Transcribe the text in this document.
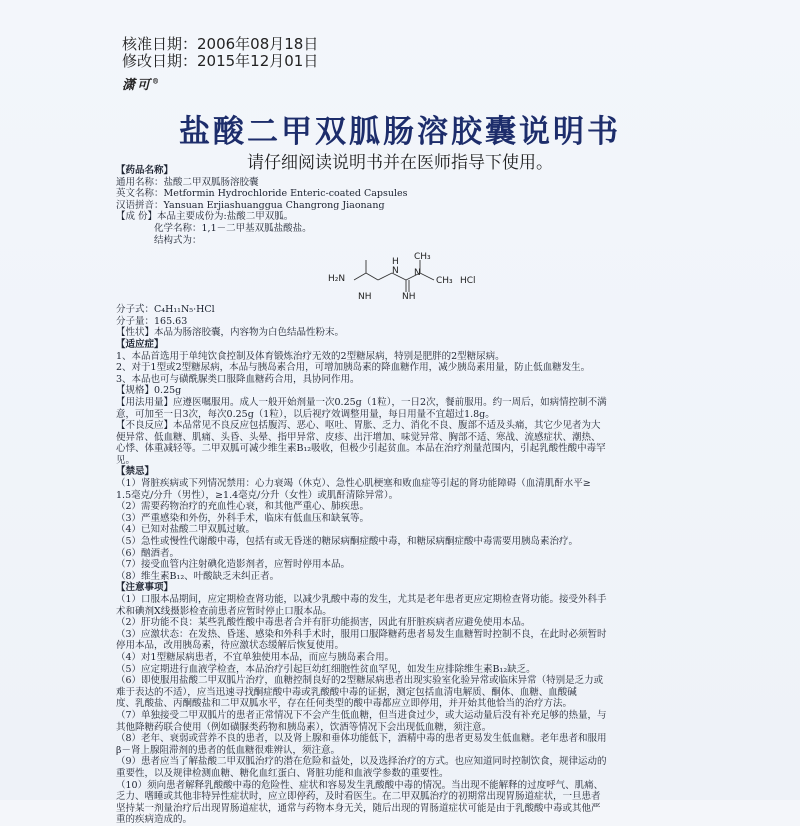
核准日期：2006年08月18日
修改日期：2015年12月01日
潇可®
盐酸二甲双胍肠溶胶囊说明书
请仔细阅读说明书并在医师指导下使用。

【药品名称】

通用名称：盐酸二甲双胍肠溶胶囊

英文名称：Metformin Hydrochloride Enteric-coated Capsules

汉语拼音：Yansuan Erjiashuanggua Changrong Jiaonang

【成 份】本品主要成份为:盐酸二甲双胍。

化学名称：1,1－二甲基双胍盐酸盐。

结构式为：

H₂N
H
N N
CH₃
CH₃ HCl
NH	NH

分子式：C₄H₁₁N₅·HCl

分子量：165.63

【性状】本品为肠溶胶囊，内容物为白色结晶性粉末。

【适应症】

1、本品首选用于单纯饮食控制及体育锻炼治疗无效的2型糖尿病，特别是肥胖的2型糖尿病。

2、对于1型或2型糖尿病，本品与胰岛素合用，可增加胰岛素的降血糖作用，减少胰岛素用量，防止低血糖发生。

3、本品也可与磺酰脲类口服降血糖药合用，具协同作用。

【规格】0.25g

【用法用量】应遵医嘱服用。成人一般开始剂量一次0.25g（1粒），一日2次，餐前服用。约一周后，如病情控制不满

意，可加至一日3次，每次0.25g（1粒），以后视疗效调整用量，每日用量不宜超过1.8g。

【不良反应】本品常见不良反应包括腹泻、恶心、呕吐、胃胀、乏力、消化不良、腹部不适及头痛，其它少见者为大

便异常、低血糖、肌痛、头昏、头晕、指甲异常、皮疹、出汗增加、味觉异常、胸部不适、寒战、流感症状、潮热、

心悸、体重减轻等。二甲双胍可减少维生素B₁₂吸收，但极少引起贫血。本品在治疗剂量范围内，引起乳酸性酸中毒罕

见。

【禁忌】

（1）肾脏疾病或下列情况禁用：心力衰竭（休克）、急性心肌梗塞和败血症等引起的肾功能障碍（血清肌酐水平≥

1.5毫克/分升（男性），≥1.4毫克/分升（女性）或肌酐清除异常）。

（2）需要药物治疗的充血性心衰，和其他严重心、肺疾患。

（3）严重感染和外伤，外科手术，临床有低血压和缺氧等。

（4）已知对盐酸二甲双胍过敏。

（5）急性或慢性代谢酸中毒，包括有或无昏迷的糖尿病酮症酸中毒，和糖尿病酮症酸中毒需要用胰岛素治疗。

（6）酗酒者。

（7）接受血管内注射碘化造影剂者，应暂时停用本品。

（8）维生素B₁₂、叶酸缺乏未纠正者。

【注意事项】

（1）口服本品期间，应定期检查肾功能，以减少乳酸中毒的发生，尤其是老年患者更应定期检查肾功能。接受外科手

术和碘剂X线摄影检查前患者应暂时停止口服本品。

（2）肝功能不良：某些乳酸性酸中毒患者合并有肝功能损害，因此有肝脏疾病者应避免使用本品。

（3）应激状态：在发热、昏迷、感染和外科手术时，服用口服降糖药患者易发生血糖暂时控制不良，在此时必须暂时

停用本品，改用胰岛素，待应激状态缓解后恢复使用。

（4）对1型糖尿病患者，不宜单独使用本品，而应与胰岛素合用。

（5）应定期进行血液学检查，本品治疗引起巨幼红细胞性贫血罕见，如发生应排除维生素B₁₂缺乏。

（6）即使服用盐酸二甲双胍片治疗，血糖控制良好的2型糖尿病患者出现实验室化验异常或临床异常（特别是乏力或

难于表达的不适），应当迅速寻找酮症酸中毒或乳酸酸中毒的证据，测定包括血清电解质、酮体、血糖、血酸碱

度、乳酸盐、丙酮酸盐和二甲双胍水平，存在任何类型的酸中毒都应立即停用，并开始其他恰当的治疗方法。

（7）单独接受二甲双胍片的患者正常情况下不会产生低血糖，但当进食过少，或大运动量后没有补充足够的热量，与

其他降糖药联合使用（例如磺脲类药物和胰岛素），饮酒等情况下会出现低血糖，须注意。

（8）老年、衰弱或营养不良的患者，以及肾上腺和垂体功能低下，酒精中毒的患者更易发生低血糖。老年患者和服用

β－肾上腺阻滞剂的患者的低血糖很难辨认，须注意。

（9）患者应当了解盐酸二甲双胍治疗的潜在危险和益处，以及选择治疗的方式。也应知道同时控制饮食，规律运动的

重要性，以及规律检测血糖、糖化血红蛋白、肾脏功能和血液学参数的重要性。

（10）须向患者解释乳酸酸中毒的危险性、症状和容易发生乳酸酸中毒的情况。当出现不能解释的过度呼气、肌痛、

乏力、嗜睡或其他非特异性症状时，应立即停药，及时看医生。在二甲双胍治疗的初期常出现胃肠道症状，一旦患者

坚持某一剂量治疗后出现胃肠道症状，通常与药物本身无关，随后出现的胃肠道症状可能是由于乳酸酸中毒或其他严

重的疾病造成的。
